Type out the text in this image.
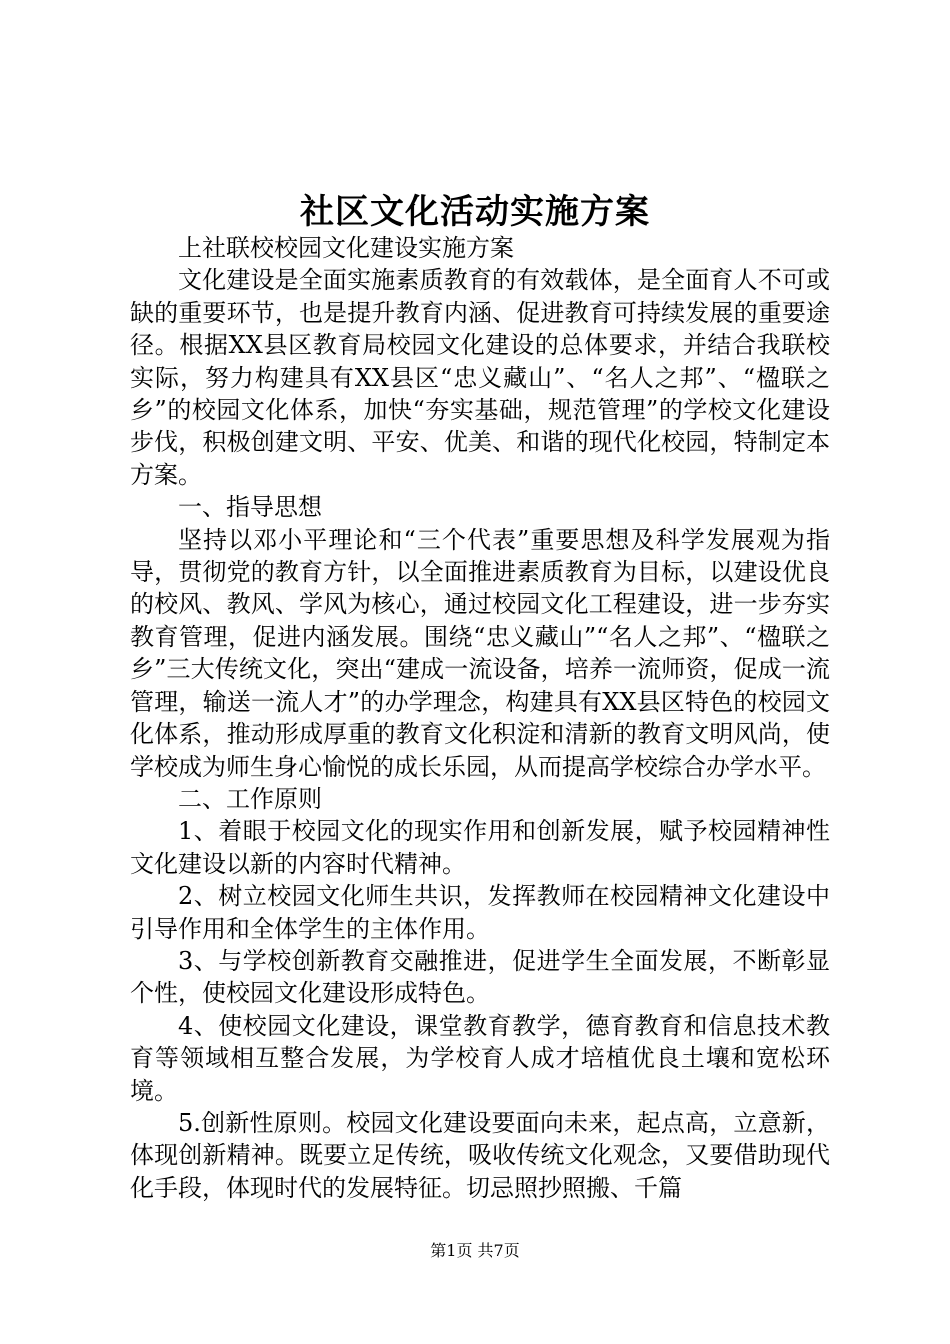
社区文化活动实施方案

上社联校校园文化建设实施方案

文化建设是全面实施素质教育的有效载体，是全面育人不可或缺的重要环节，也是提升教育内涵、促进教育可持续发展的重要途径。根据XX县区教育局校园文化建设的总体要求，并结合我联校实际，努力构建具有XX县区“忠义藏山”、“名人之邦”、“楹联之乡”的校园文化体系，加快“夯实基础，规范管理”的学校文化建设步伐，积极创建文明、平安、优美、和谐的现代化校园，特制定本方案。

一、指导思想

坚持以邓小平理论和“三个代表”重要思想及科学发展观为指导，贯彻党的教育方针，以全面推进素质教育为目标，以建设优良的校风、教风、学风为核心，通过校园文化工程建设，进一步夯实教育管理，促进内涵发展。围绕“忠义藏山”“名人之邦”、“楹联之乡”三大传统文化，突出“建成一流设备，培养一流师资，促成一流管理，输送一流人才”的办学理念，构建具有XX县区特色的校园文化体系，推动形成厚重的教育文化积淀和清新的教育文明风尚，使学校成为师生身心愉悦的成长乐园，从而提高学校综合办学水平。

二、工作原则

1、着眼于校园文化的现实作用和创新发展，赋予校园精神性文化建设以新的内容时代精神。

2、树立校园文化师生共识，发挥教师在校园精神文化建设中引导作用和全体学生的主体作用。

3、与学校创新教育交融推进，促进学生全面发展，不断彰显个性，使校园文化建设形成特色。

4、使校园文化建设，课堂教育教学，德育教育和信息技术教育等领域相互整合发展，为学校育人成才培植优良土壤和宽松环境。

5.创新性原则。校园文化建设要面向未来，起点高，立意新，体现创新精神。既要立足传统，吸收传统文化观念，又要借助现代化手段，体现时代的发展特征。切忌照抄照搬、千篇

第1页 共7页
